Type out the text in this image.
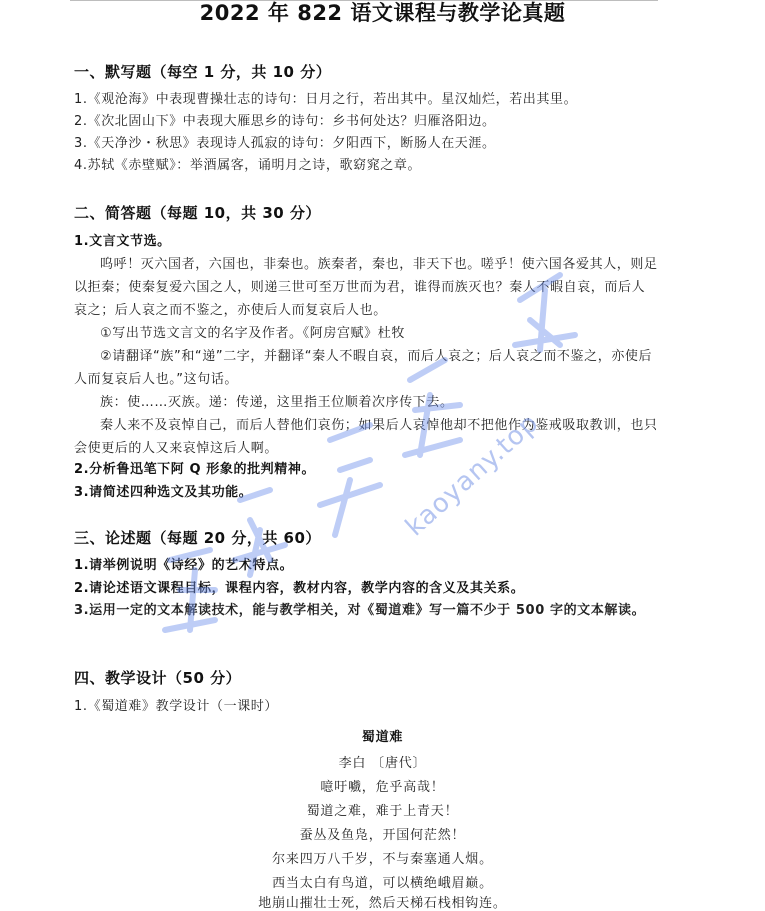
2022 年 822 语文课程与教学论真题
一、默写题（每空 1 分，共 10 分）
1.《观沧海》中表现曹操壮志的诗句：日月之行，若出其中。星汉灿烂，若出其里。
2.《次北固山下》中表现大雁思乡的诗句：乡书何处达？归雁洛阳边。
3.《天净沙・秋思》表现诗人孤寂的诗句：夕阳西下，断肠人在天涯。
4.苏轼《赤壁赋》：举酒属客，诵明月之诗，歌窈窕之章。
二、简答题（每题 10，共 30 分）
1.文言文节选。
呜呼！灭六国者，六国也，非秦也。族秦者，秦也，非天下也。嗟乎！使六国各爱其人，则足以拒秦；使秦复爱六国之人，则递三世可至万世而为君，谁得而族灭也？秦人不暇自哀，而后人哀之；后人哀之而不鉴之，亦使后人而复哀后人也。
①写出节选文言文的名字及作者。《阿房宫赋》杜牧
②请翻译“族”和“递”二字，并翻译“秦人不暇自哀，而后人哀之；后人哀之而不鉴之，亦使后人而复哀后人也。”这句话。
族：使……灭族。递：传递，这里指王位顺着次序传下去。
秦人来不及哀悼自己，而后人替他们哀伤；如果后人哀悼他却不把他作为鉴戒吸取教训，也只会使更后的人又来哀悼这后人啊。
2.分析鲁迅笔下阿 Q 形象的批判精神。
3.请简述四种选文及其功能。
三、论述题（每题 20 分，共 60）
1.请举例说明《诗经》的艺术特点。
2.请论述语文课程目标，课程内容，教材内容，教学内容的含义及其关系。
3.运用一定的文本解读技术，能与教学相关，对《蜀道难》写一篇不少于 500 字的文本解读。
四、教学设计（50 分）
1.《蜀道难》教学设计（一课时）
蜀道难
李白 〔唐代〕
噫吁嚱，危乎高哉！
蜀道之难，难于上青天！
蚕丛及鱼凫，开国何茫然！
尔来四万八千岁，不与秦塞通人烟。
西当太白有鸟道，可以横绝峨眉巅。
地崩山摧壮士死，然后天梯石栈相钩连。
kaoyany.top
